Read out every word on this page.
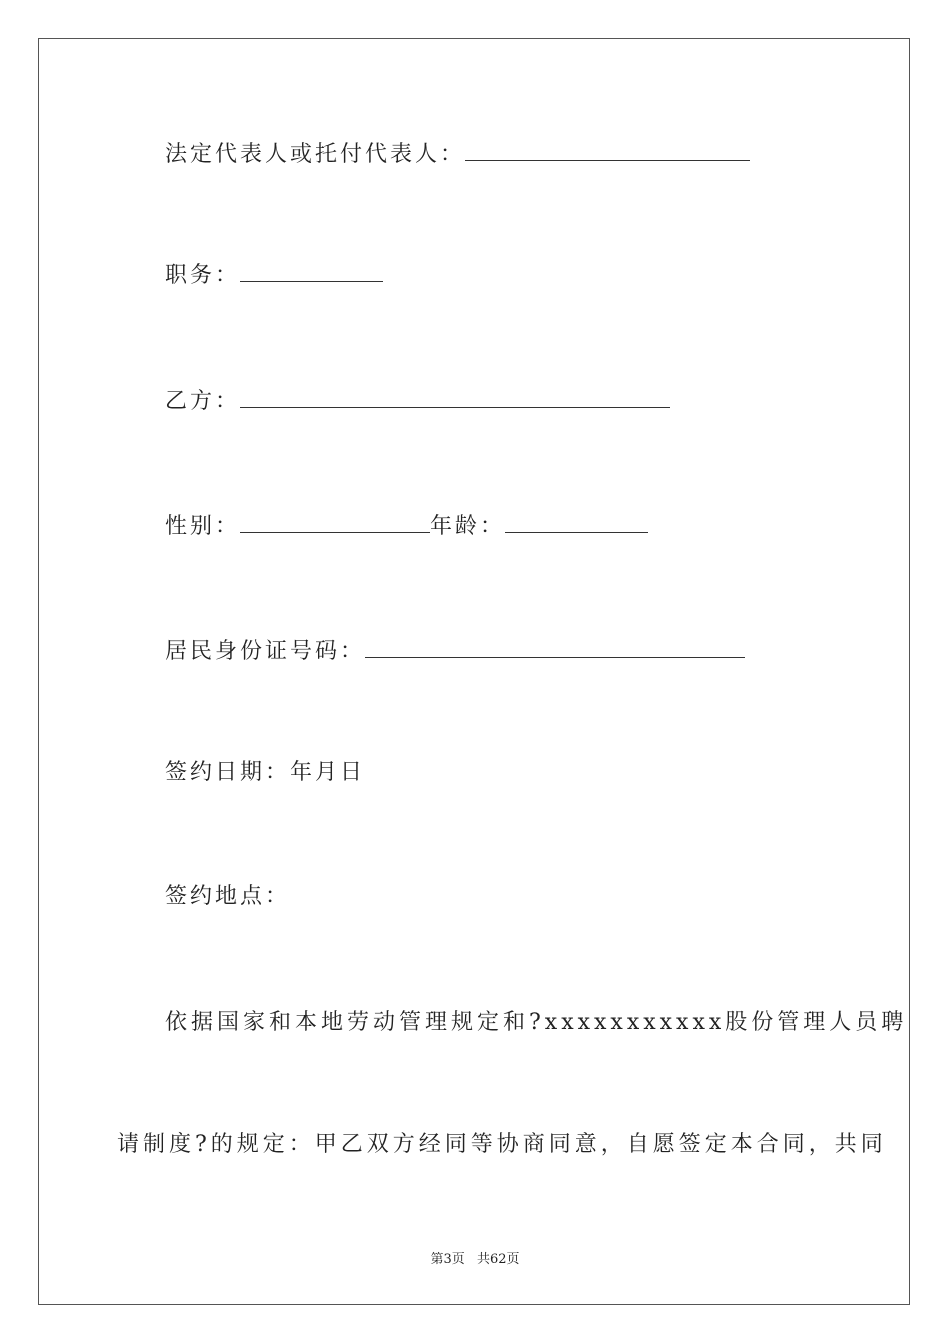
法定代表人或托付代表人：
职务：
乙方：
性别：	年龄：
居民身份证号码：
签约日期：年月日
签约地点：
依据国家和本地劳动管理规定和?xxxxxxxxxxx股份管理人员聘
请制度?的规定：甲乙双方经同等协商同意，自愿签定本合同，共同
第3页 共62页
